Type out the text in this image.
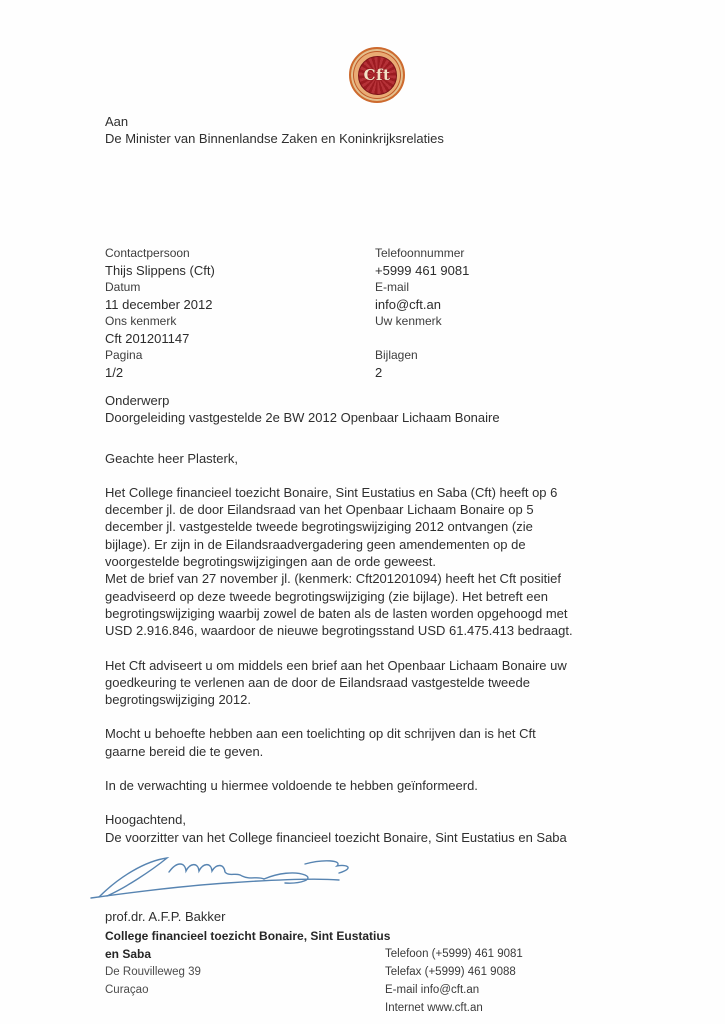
Cft
Aan
De Minister van Binnenlandse Zaken en Koninkrijksrelaties
Contactpersoon
Thijs Slippens (Cft)
Telefoonnummer
+5999 461 9081
Datum
11 december 2012
E-mail
info@cft.an
Ons kenmerk
Cft 201201147
Uw kenmerk
Pagina
1/2
Bijlagen
2

Onderwerp

Doorgeleiding vastgestelde 2e BW 2012 Openbaar Lichaam Bonaire

Geachte heer Plasterk,

Het College financieel toezicht Bonaire, Sint Eustatius en Saba (Cft) heeft op 6 december jl. de door Eilandsraad van het Openbaar Lichaam Bonaire op 5 december jl. vastgestelde tweede begrotingswijziging 2012 ontvangen (zie bijlage). Er zijn in de Eilandsraadvergadering geen amendementen op de voorgestelde begrotingswijzigingen aan de orde geweest.

Met de brief van 27 november jl. (kenmerk: Cft201201094) heeft het Cft positief geadviseerd op deze tweede begrotingswijziging (zie bijlage). Het betreft een begrotingswijziging waarbij zowel de baten als de lasten worden opgehoogd met USD 2.916.846, waardoor de nieuwe begrotingsstand USD 61.475.413 bedraagt.

Het Cft adviseert u om middels een brief aan het Openbaar Lichaam Bonaire uw goedkeuring te verlenen aan de door de Eilandsraad vastgestelde tweede begrotingswijziging 2012.

Mocht u behoefte hebben aan een toelichting op dit schrijven dan is het Cft gaarne bereid die te geven.

In de verwachting u hiermee voldoende te hebben geïnformeerd.

Hoogachtend,
De voorzitter van het College financieel toezicht Bonaire, Sint Eustatius en Saba

prof.dr. A.F.P. Bakker

College financieel toezicht Bonaire, Sint Eustatius
en Saba
De Rouvilleweg 39
Curaçao
Telefoon (+5999) 461 9081
Telefax (+5999) 461 9088
E-mail info@cft.an
Internet www.cft.an
